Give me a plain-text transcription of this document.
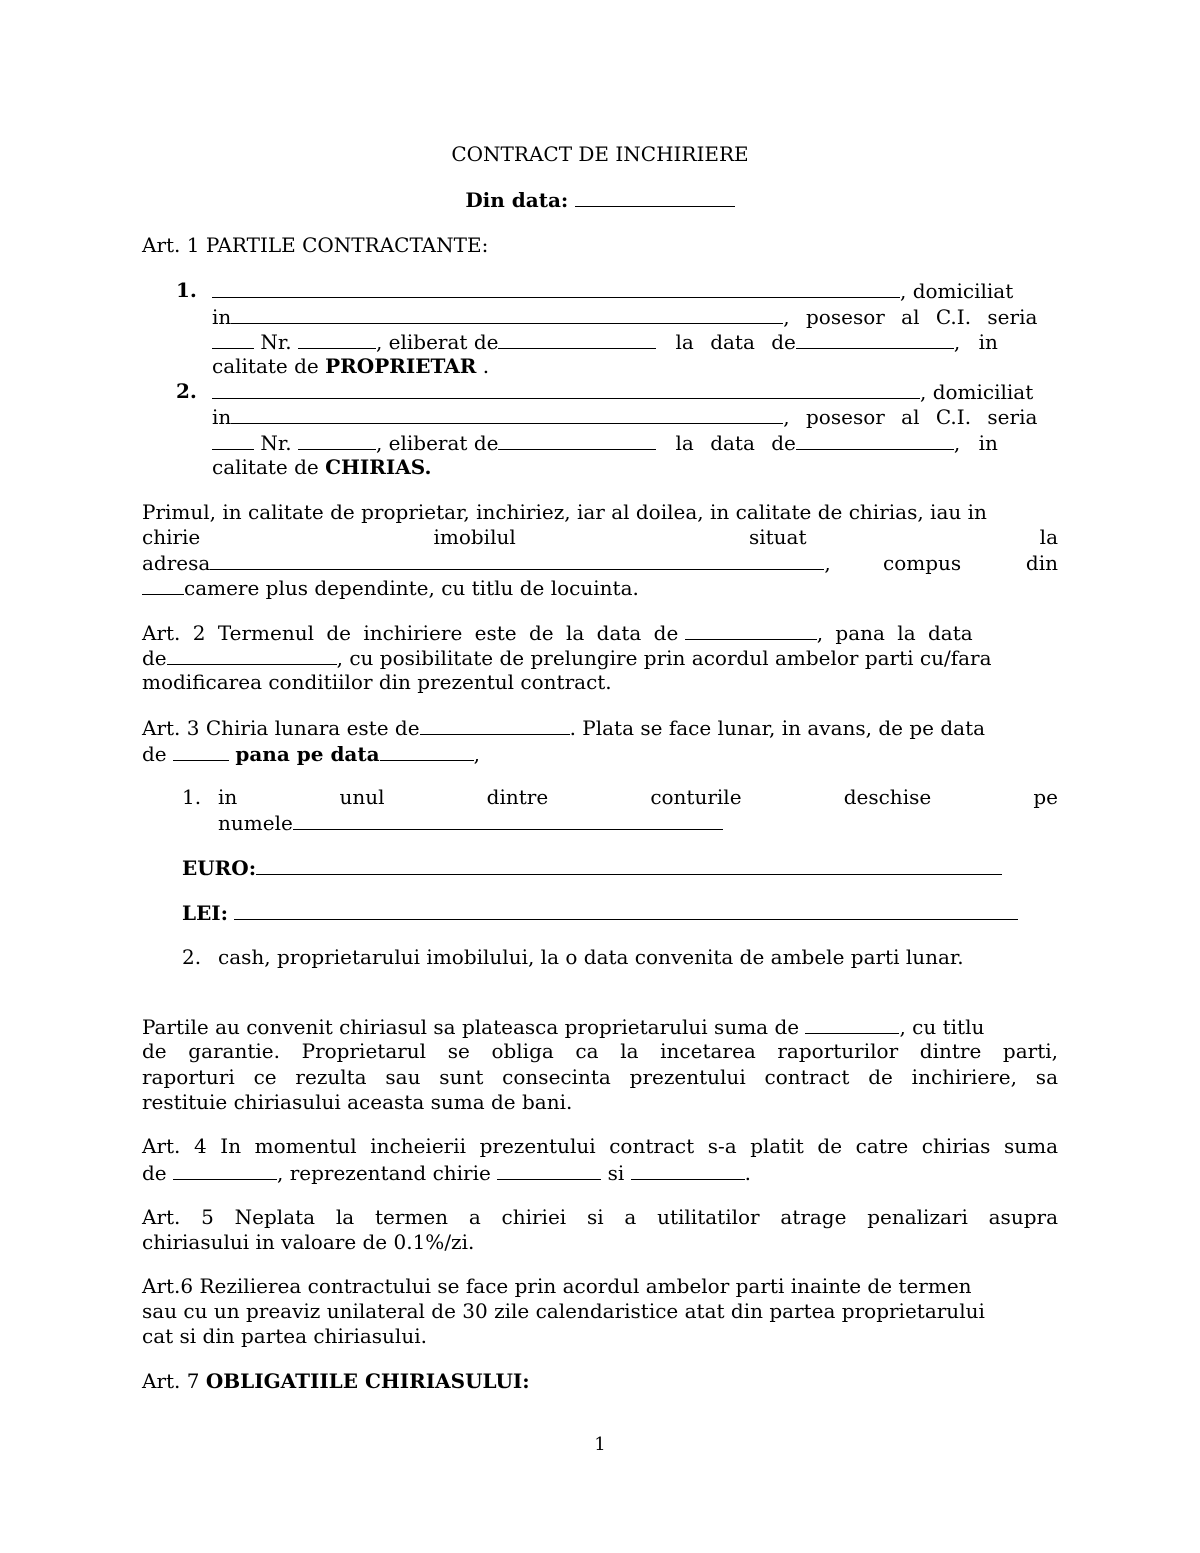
CONTRACT DE INCHIRIERE
Din data:
Art. 1 PARTILE CONTRACTANTE:
1.	, domiciliat
in	, posesor al C.I. seria
Nr.	, eliberat de	la data de	, in
calitate de PROPRIETAR .
2.	, domiciliat
in	, posesor al C.I. seria
Nr.	, eliberat de	la data de	, in
calitate de CHIRIAS.
Primul, in calitate de proprietar, inchiriez, iar al doilea, in calitate de chirias, iau in
chirie	imobilul	situat	la
adresa	, compus	din
camere plus dependinte, cu titlu de locuinta.
Art. 2 Termenul de inchiriere este de la data de	, pana la data
de	, cu posibilitate de prelungire prin acordul ambelor parti cu/fara
modificarea conditiilor din prezentul contract.
Art. 3 Chiria lunara este de	. Plata se face lunar, in avans, de pe data
de	pana pe data	,
1. in	unul	dintre	conturile	deschise	pe
numele
EURO:
LEI:
2. cash, proprietarului imobilului, la o data convenita de ambele parti lunar.
Partile au convenit chiriasul sa plateasca proprietarului suma de	, cu titlu
de garantie. Proprietarul se obliga ca la incetarea raporturilor dintre parti,
raporturi ce rezulta sau sunt consecinta prezentului contract de inchiriere, sa
restituie chiriasului aceasta suma de bani.
Art. 4 In momentul incheierii prezentului contract s-a platit de catre chirias suma
de	, reprezentand chirie	si	.
Art. 5 Neplata la termen a chiriei si a utilitatilor atrage penalizari asupra
chiriasului in valoare de 0.1%/zi.
Art.6 Rezilierea contractului se face prin acordul ambelor parti inainte de termen
sau cu un preaviz unilateral de 30 zile calendaristice atat din partea proprietarului
cat si din partea chiriasului.
Art. 7 OBLIGATIILE CHIRIASULUI:
1
